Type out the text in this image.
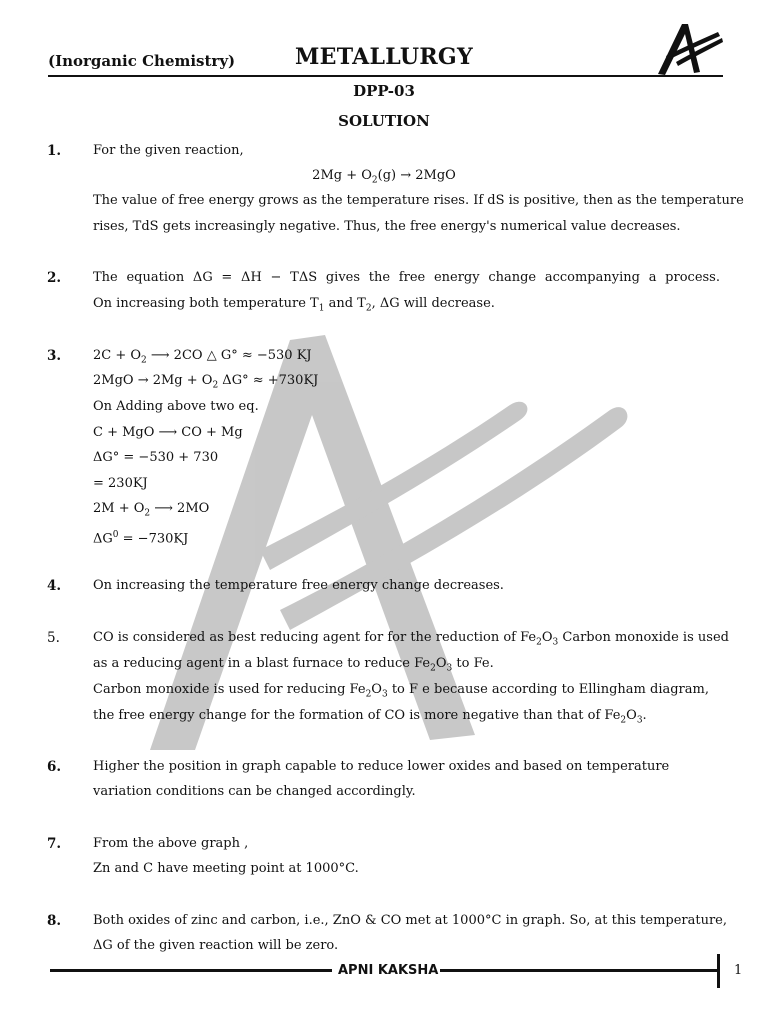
(Inorganic Chemistry)	METALLURGY
DPP-03
SOLUTION
1. For the given reaction,
$2Mg + O_2(g) \to 2MgO$
The value of free energy grows as the temperature rises. If dS is positive, then as the temperature
rises, TdS gets increasingly negative. Thus, the free energy's numerical value decreases.
2. The equation ΔG = ΔH − TΔS gives the free energy change accompanying a process.
On increasing both temperature $T_1$ and $T_2$, ΔG will decrease.
3. $2C + O_2$ ⟶ 2CO △ G° ≈ −530 KJ
$2MgO \to 2Mg + O_2$ ΔG° ≈ +730KJ
On Adding above two eq.
C + MgO ⟶ CO + Mg
ΔG° = −530 + 730
= 230KJ
$2M + O_2$ ⟶ 2MO
$\Delta G^0 = -730KJ$
4. On increasing the temperature free energy change decreases.
5.	CO is considered as best reducing agent for for the reduction of $Fe_2O_3$ Carbon monoxide is used
as a reducing agent in a blast furnace to reduce $Fe_2O_3$ to Fe.
Carbon monoxide is used for reducing $Fe_2O_3$ to F e because according to Ellingham diagram,
the free energy change for the formation of CO is more negative than that of $Fe_2O_3$.
6. Higher the position in graph capable to reduce lower oxides and based on temperature
variation conditions can be changed accordingly.
7. From the above graph ,
Zn and C have meeting point at 1000°C.
8. Both oxides of zinc and carbon, i.e., ZnO & CO met at 1000°C in graph. So, at this temperature,
ΔG of the given reaction will be zero.
APNI KAKSHA	1
